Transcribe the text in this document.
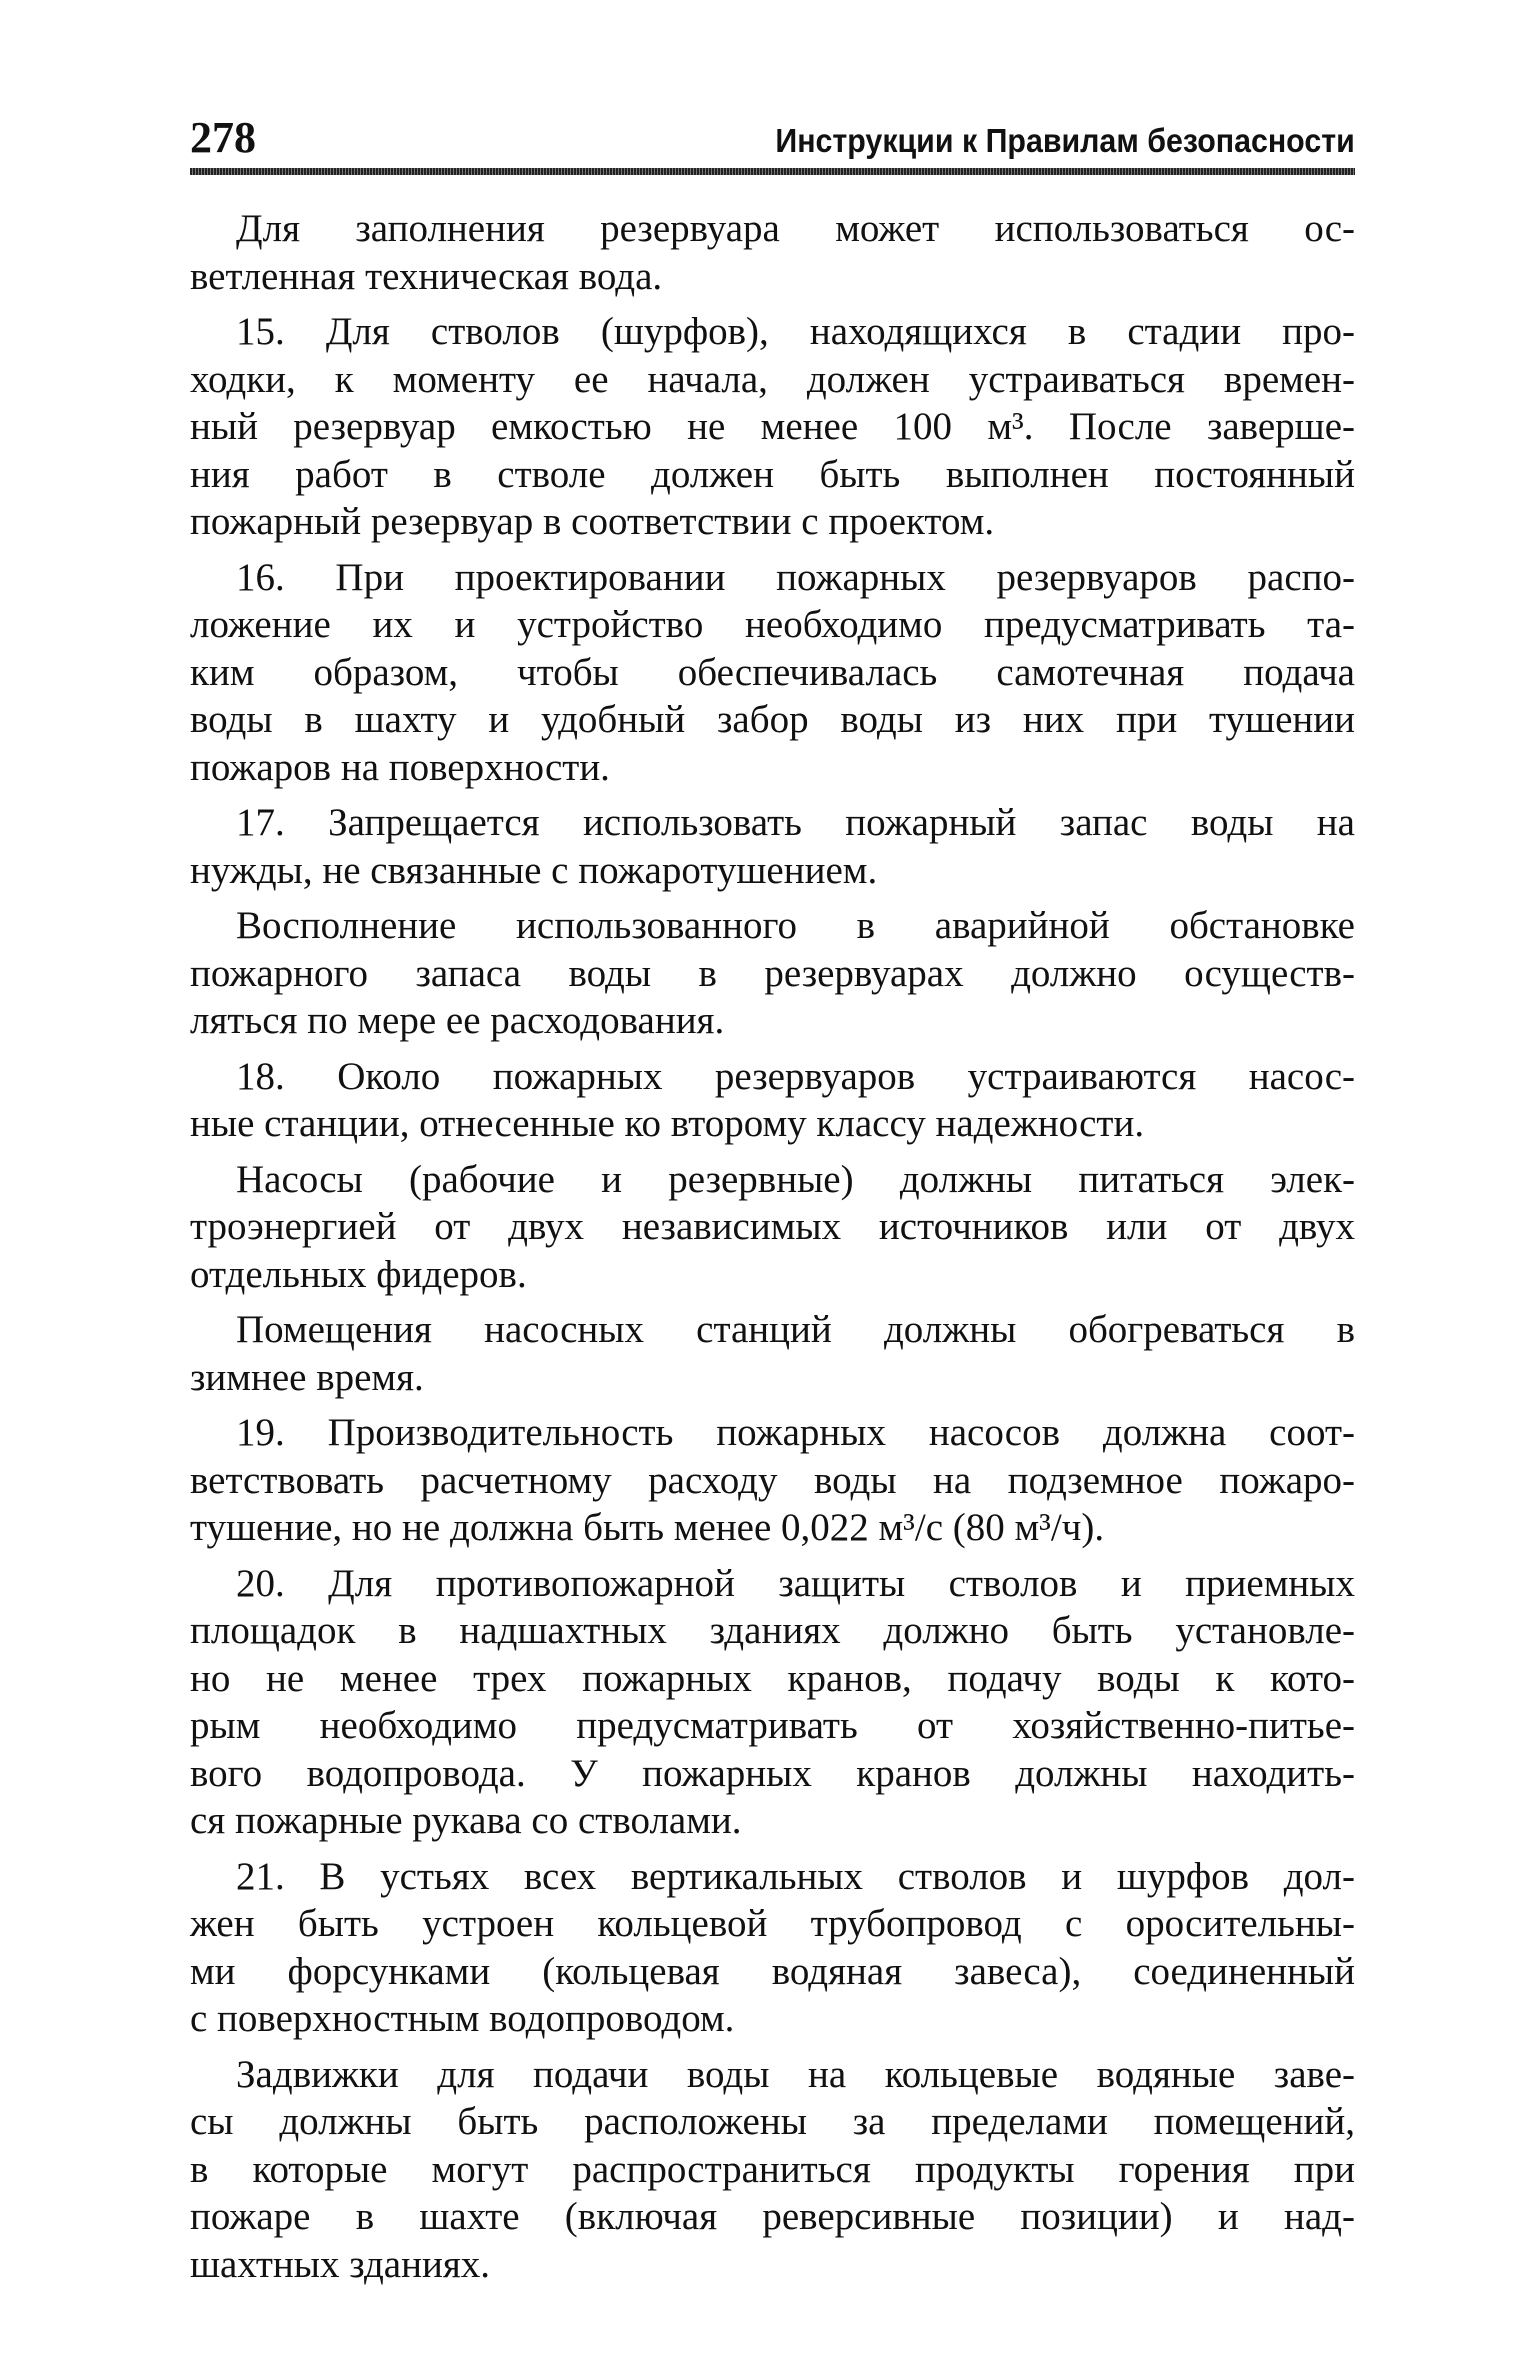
278	Инструкции к Правилам безопасности
Для заполнения резервуара может использоваться ос-
ветленная техническая вода.
15. Для стволов (шурфов), находящихся в стадии про-
ходки, к моменту ее начала, должен устраиваться времен-
ный резервуар емкостью не менее 100 м³. После заверше-
ния работ в стволе должен быть выполнен постоянный
пожарный резервуар в соответствии с проектом.
16. При проектировании пожарных резервуаров распо-
ложение их и устройство необходимо предусматривать та-
ким образом, чтобы обеспечивалась самотечная подача
воды в шахту и удобный забор воды из них при тушении
пожаров на поверхности.
17. Запрещается использовать пожарный запас воды на
нужды, не связанные с пожаротушением.
Восполнение использованного в аварийной обстановке
пожарного запаса воды в резервуарах должно осуществ-
ляться по мере ее расходования.
18. Около пожарных резервуаров устраиваются насос-
ные станции, отнесенные ко второму классу надежности.
Насосы (рабочие и резервные) должны питаться элек-
троэнергией от двух независимых источников или от двух
отдельных фидеров.
Помещения насосных станций должны обогреваться в
зимнее время.
19. Производительность пожарных насосов должна соот-
ветствовать расчетному расходу воды на подземное пожаро-
тушение, но не должна быть менее 0,022 м³/с (80 м³/ч).
20. Для противопожарной защиты стволов и приемных
площадок в надшахтных зданиях должно быть установле-
но не менее трех пожарных кранов, подачу воды к кото-
рым необходимо предусматривать от хозяйственно-питье-
вого водопровода. У пожарных кранов должны находить-
ся пожарные рукава со стволами.
21. В устьях всех вертикальных стволов и шурфов дол-
жен быть устроен кольцевой трубопровод с оросительны-
ми форсунками (кольцевая водяная завеса), соединенный
с поверхностным водопроводом.
Задвижки для подачи воды на кольцевые водяные заве-
сы должны быть расположены за пределами помещений,
в которые могут распространиться продукты горения при
пожаре в шахте (включая реверсивные позиции) и над-
шахтных зданиях.
